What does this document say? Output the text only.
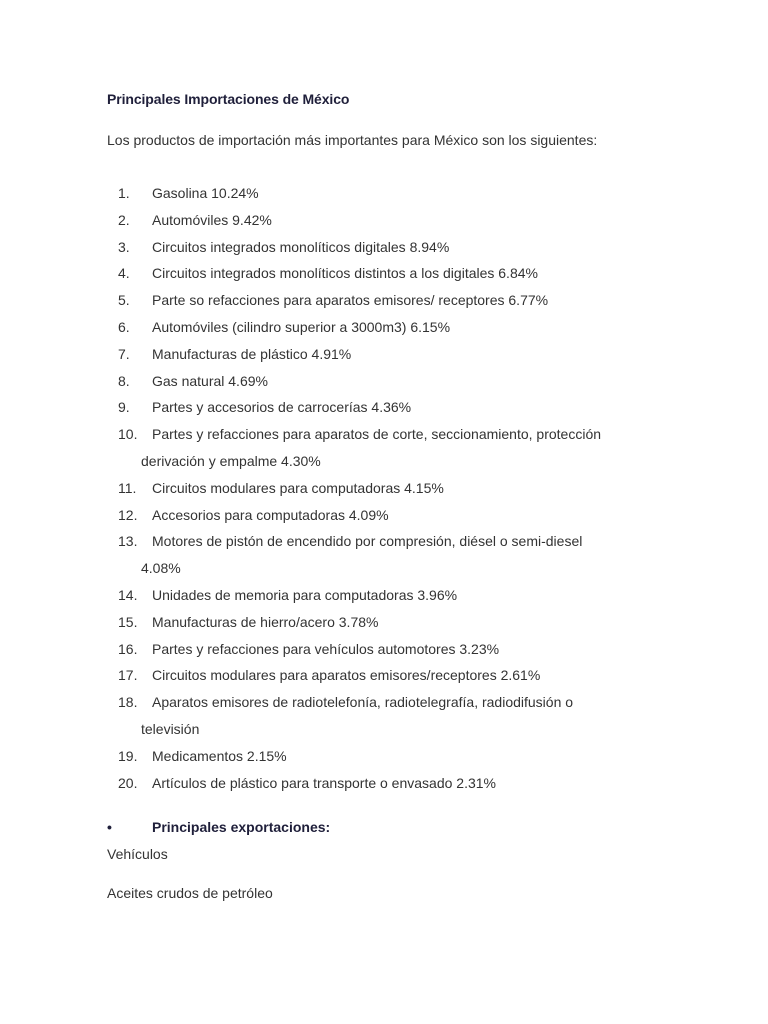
Principales Importaciones de México
Los productos de importación más importantes para México son los siguientes:
1.	Gasolina 10.24%
2.	Automóviles 9.42%
3.	Circuitos integrados monolíticos digitales 8.94%
4.	Circuitos integrados monolíticos distintos a los digitales 6.84%
5.	Parte so refacciones para aparatos emisores/ receptores 6.77%
6.	Automóviles (cilindro superior a 3000m3) 6.15%
7.	Manufacturas de plástico 4.91%
8.	Gas natural 4.69%
9.	Partes y accesorios de carrocerías 4.36%
10.	Partes y refacciones para aparatos de corte, seccionamiento, protección
derivación y empalme 4.30%
11.	Circuitos modulares para computadoras 4.15%
12.	Accesorios para computadoras 4.09%
13.	Motores de pistón de encendido por compresión, diésel o semi-diesel
4.08%
14.	Unidades de memoria para computadoras 3.96%
15.	Manufacturas de hierro/acero 3.78%
16.	Partes y refacciones para vehículos automotores 3.23%
17.	Circuitos modulares para aparatos emisores/receptores 2.61%
18.	Aparatos emisores de radiotelefonía, radiotelegrafía, radiodifusión o
televisión
19.	Medicamentos 2.15%
20.	Artículos de plástico para transporte o envasado 2.31%
•	Principales exportaciones:
Vehículos
Aceites crudos de petróleo
